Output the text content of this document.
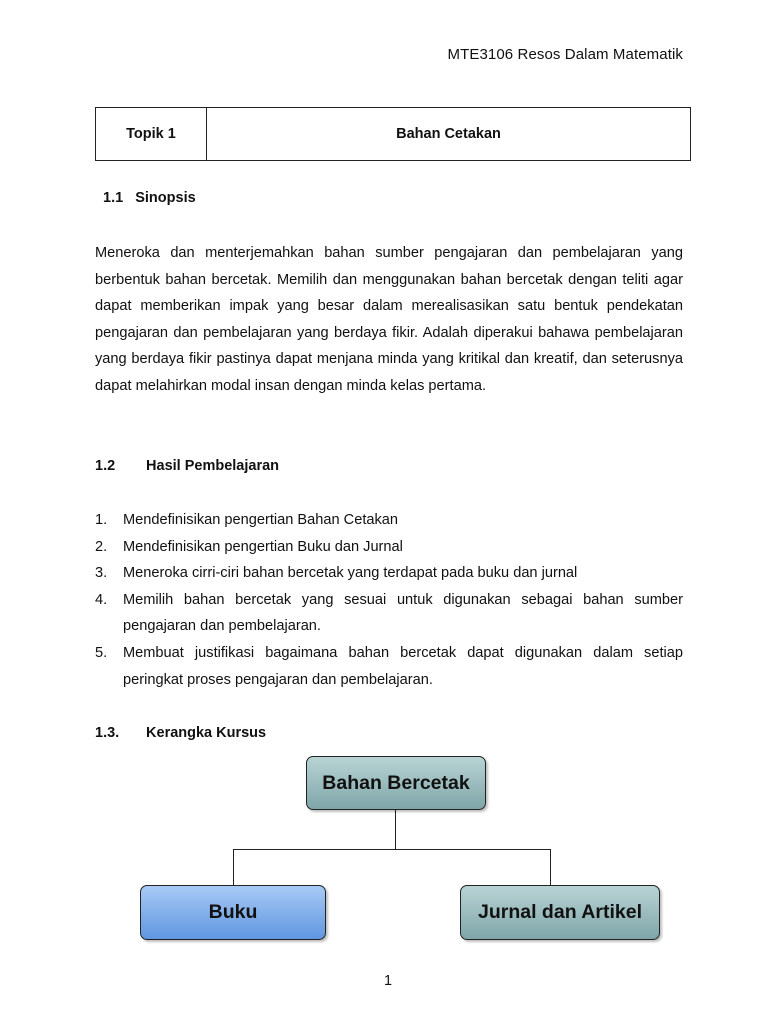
MTE3106 Resos Dalam Matematik
Topik 1	Bahan Cetakan
1.1 Sinopsis
Meneroka dan menterjemahkan bahan sumber pengajaran dan pembelajaran yang berbentuk bahan bercetak. Memilih dan menggunakan bahan bercetak dengan teliti agar dapat memberikan impak yang besar dalam merealisasikan satu bentuk pendekatan pengajaran dan pembelajaran yang berdaya fikir. Adalah diperakui bahawa pembelajaran yang berdaya fikir pastinya dapat menjana minda yang kritikal dan kreatif, dan seterusnya dapat melahirkan modal insan dengan minda kelas pertama.
1.2 Hasil Pembelajaran
1.	Mendefinisikan pengertian Bahan Cetakan
2.	Mendefinisikan pengertian Buku dan Jurnal
3.	Meneroka cirri-ciri bahan bercetak yang terdapat pada buku dan jurnal
4.	Memilih bahan bercetak yang sesuai untuk digunakan sebagai bahan sumber pengajaran dan pembelajaran.
5.	Membuat justifikasi bagaimana bahan bercetak dapat digunakan dalam setiap peringkat proses pengajaran dan pembelajaran.
1.3. Kerangka Kursus
Bahan Bercetak
Buku	Jurnal dan Artikel
1
